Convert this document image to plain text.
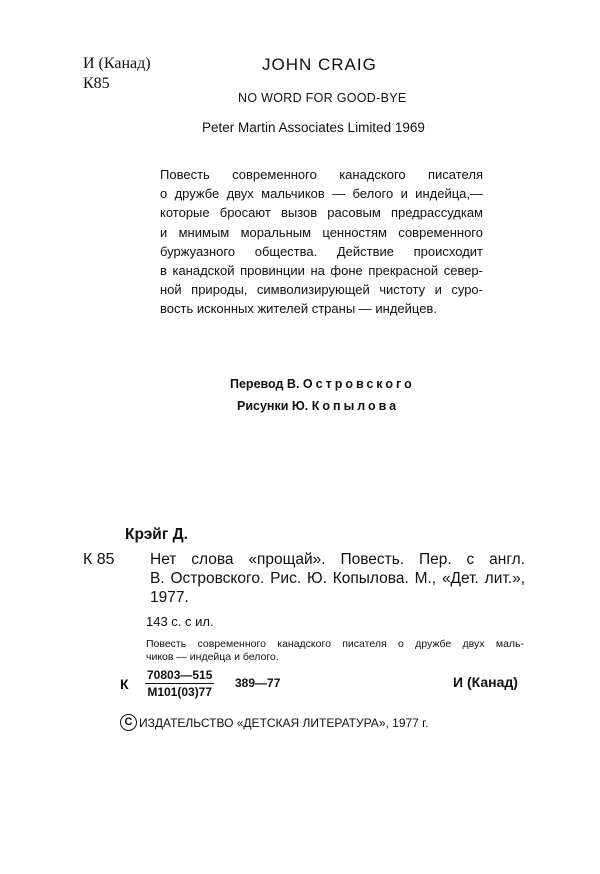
И (Канад)
К85
JOHN CRAIG
NO WORD FOR GOOD-BYE
Peter Martin Associates Limited 1969
Повесть современного канадского писателя
о дружбе двух мальчиков — белого и индейца,—
которые бросают вызов расовым предрассудкам
и мнимым моральным ценностям современного
буржуазного общества. Действие происходит
в канадской провинции на фоне прекрасной север-
ной природы, символизирующей чистоту и суро-
вость исконных жителей страны — индейцев.
Перевод В. Островского
Рисунки Ю. Копылова
Крэйг Д.
К 85 Нет слова «прощай». Повесть. Пер. с англ.
В. Островского. Рис. Ю. Копылова. М., «Дет. лит.»,
1977.
143 с. с ил.
Повесть современного канадского писателя о дружбе двух маль-
чиков — индейца и белого.
К
70803—515
М101(03)77
389—77	И (Канад)
С ИЗДАТЕЛЬСТВО «ДЕТСКАЯ ЛИТЕРАТУРА», 1977 г.
